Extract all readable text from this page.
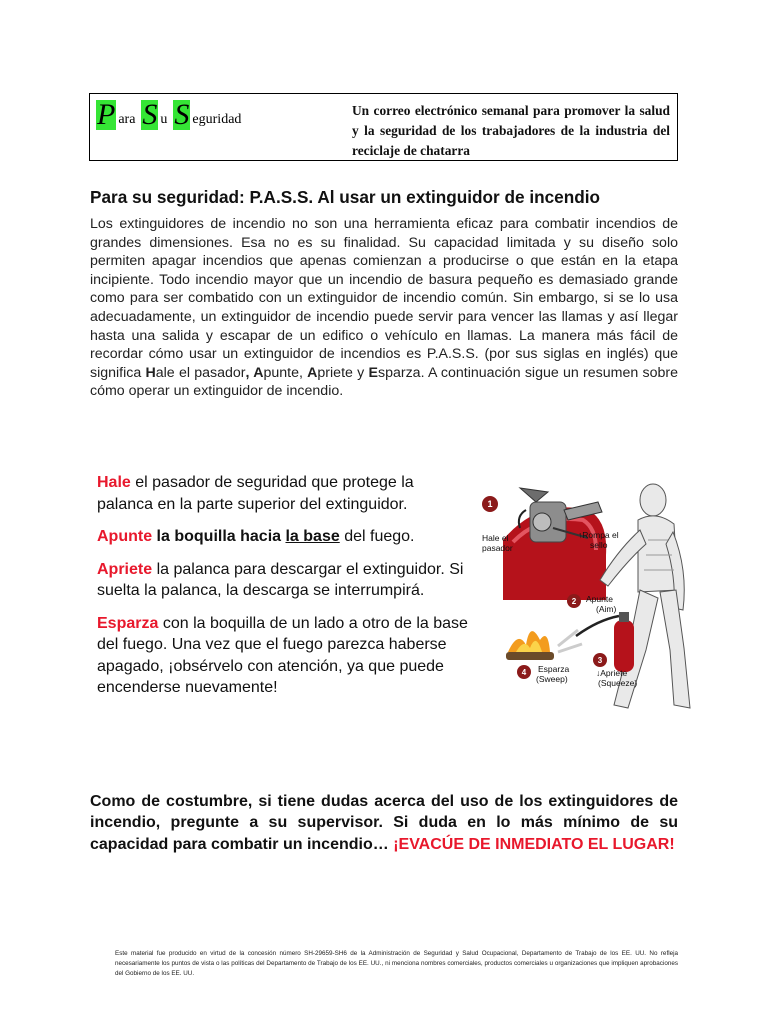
P ara S u S eguridad
Un correo electrónico semanal para promover la salud y la seguridad de los trabajadores de la industria del reciclaje de chatarra
Para su seguridad: P.A.S.S. Al usar un extinguidor de incendio

Los extinguidores de incendio no son una herramienta eficaz para combatir incendios de grandes dimensiones. Esa no es su finalidad. Su capacidad limitada y su diseño solo permiten apagar incendios que apenas comienzan a producirse o que están en la etapa incipiente. Todo incendio mayor que un incendio de basura pequeño es demasiado grande como para ser combatido con un extinguidor de incendio común. Sin embargo, si se lo usa adecuadamente, un extinguidor de incendio puede servir para vencer las llamas y así llegar hasta una salida y escapar de un edifico o vehículo en llamas. La manera más fácil de recordar cómo usar un extinguidor de incendios es P.A.S.S. (por sus siglas en inglés) que significa Hale el pasador, Apunte, Apriete y Esparza. A continuación sigue un resumen sobre cómo operar un extinguidor de incendio.

Hale el pasador de seguridad que protege la palanca en la parte superior del extinguidor.

Apunte la boquilla hacia la base del fuego.

Apriete la palanca para descargar el extinguidor. Si suelta la palanca, la descarga se interrumpirá.

Esparza con la boquilla de un lado a otro de la base del fuego. Una vez que el fuego parezca haberse apagado, ¡obsérvelo con atención, ya que puede encenderse nuevamente!

1
Hale el
pasador
↑Rompa el
sello
2 Apunte
(Aim)
3
↓Apriete
(Squeeze)
4 Esparza
(Sweep)

Como de costumbre, si tiene dudas acerca del uso de los extinguidores de incendio, pregunte a su supervisor. Si duda en lo más mínimo de su capacidad para combatir un incendio… ¡EVACÚE DE INMEDIATO EL LUGAR!

Este material fue producido en virtud de la concesión número SH-29659-SH6 de la Administración de Seguridad y Salud Ocupacional, Departamento de Trabajo de los EE. UU. No refleja necesariamente los puntos de vista o las políticas del Departamento de Trabajo de los EE. UU., ni menciona nombres comerciales, productos comerciales u organizaciones que impliquen aprobaciones del Gobierno de los EE. UU.
